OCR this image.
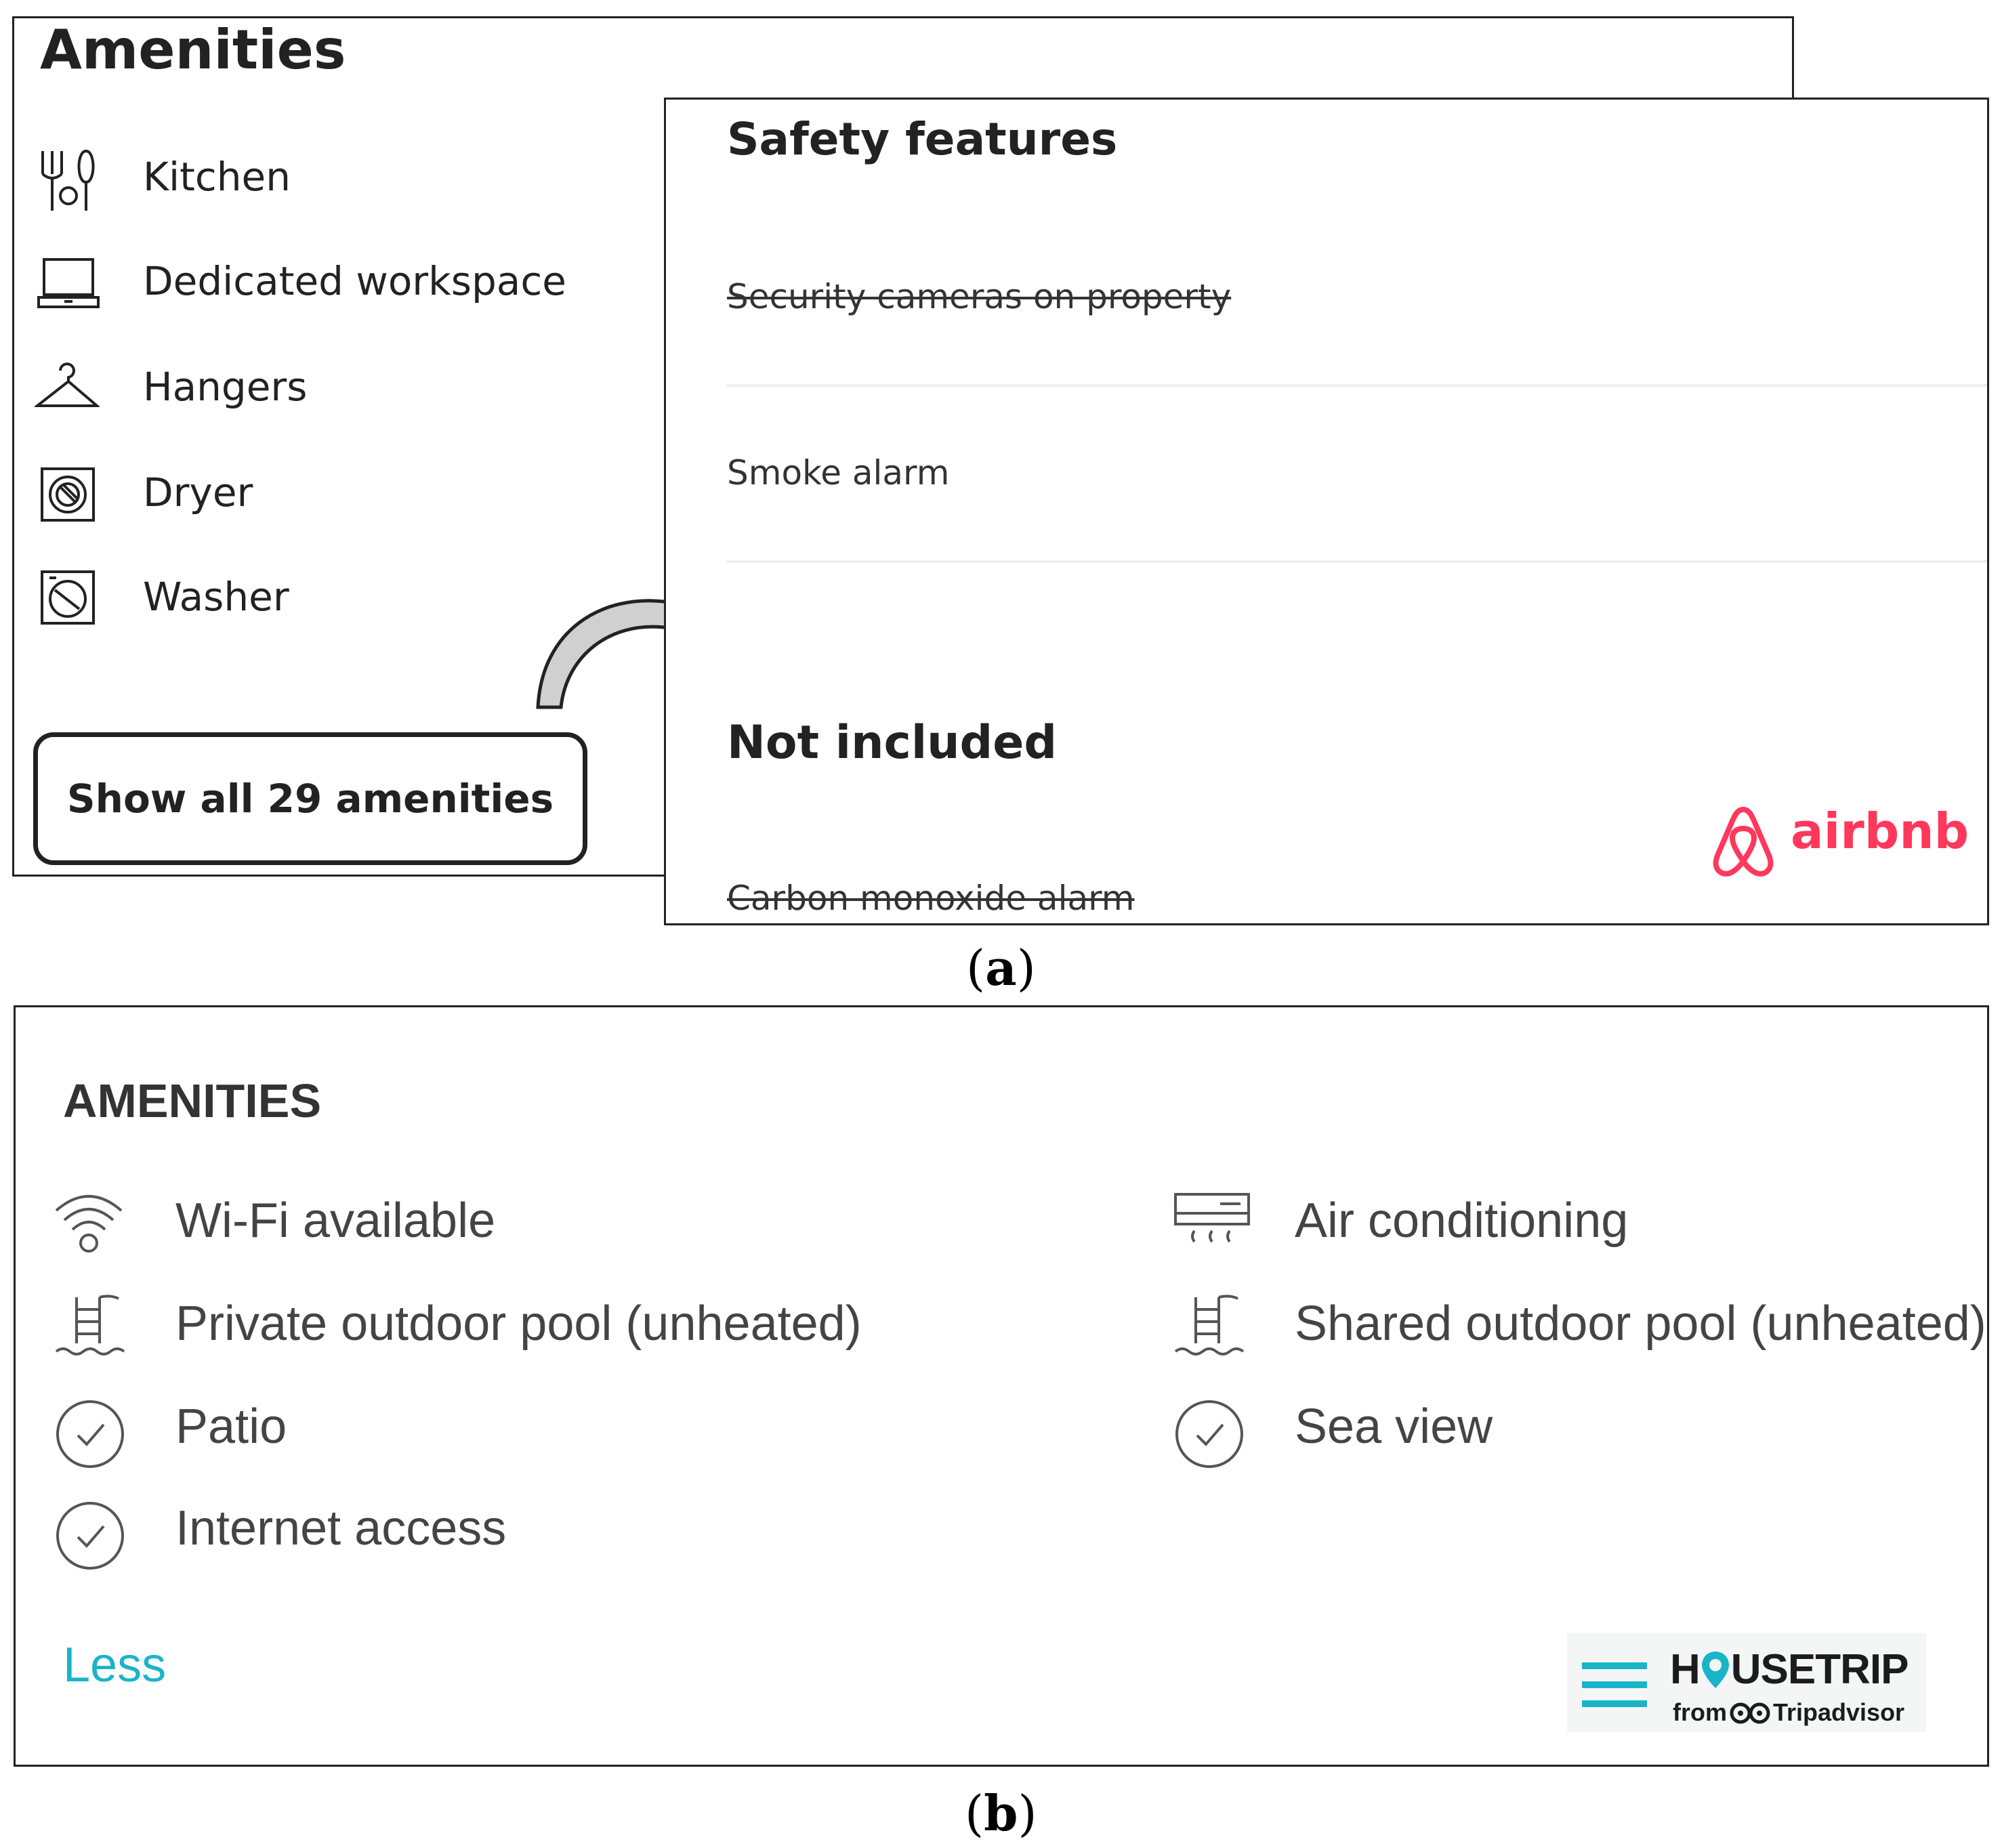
Amenities
Kitchen
Dedicated workspace
Hangers
Dryer
Washer
Show all 29 amenities
Safety features
Security cameras on property
Smoke alarm
Not included
Carbon monoxide alarm
airbnb
(a)
AMENITIES
Wi-Fi available
Private outdoor pool (unheated)
Patio
Internet access
Air conditioning
Shared outdoor pool (unheated)
Sea view
Less	H USETRIP
from Tripadvisor
(b)
